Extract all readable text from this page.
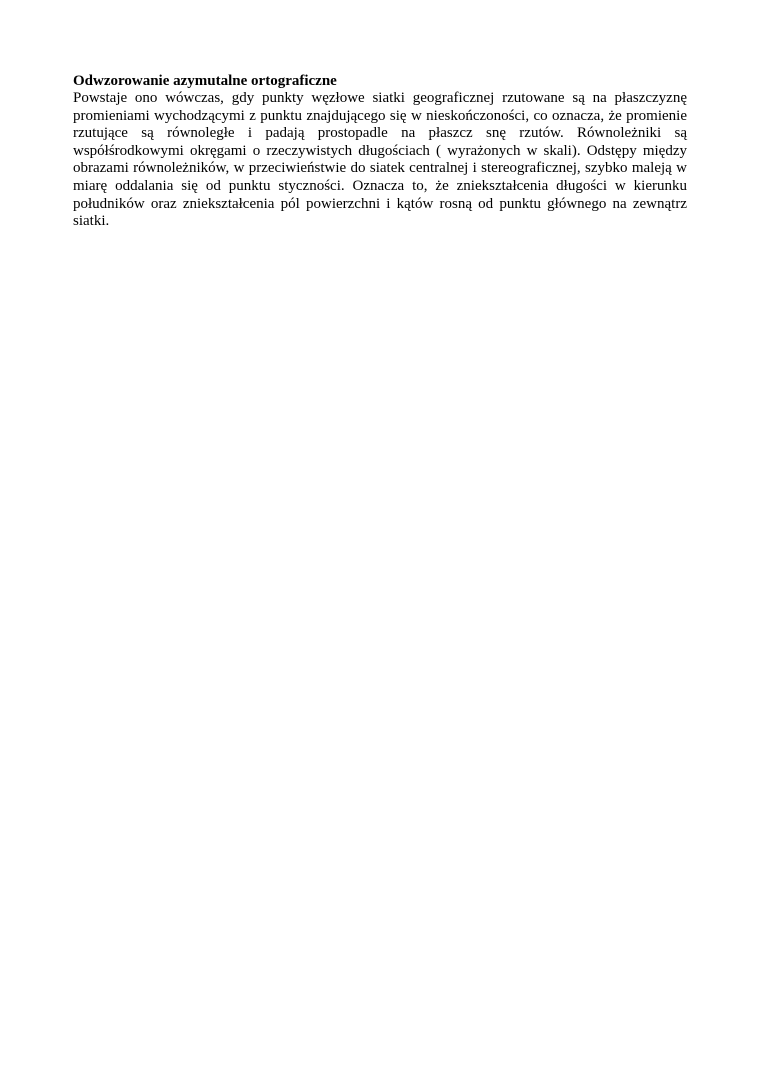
Odwzorowanie azymutalne ortograficzne

Powstaje ono wówczas, gdy punkty węzłowe siatki geograficznej rzutowane są na płaszczyznę promieniami wychodzącymi z punktu znajdującego się w nieskończoności, co oznacza, że promienie rzutujące są równoległe i padają prostopadle na płaszcz snę rzutów. Równoleżniki są współśrodkowymi okręgami o rzeczywistych długościach ( wyrażonych w skali). Odstępy między obrazami równoleżników, w przeciwieństwie do siatek centralnej i stereograficznej, szybko maleją w miarę oddalania się od punktu styczności. Oznacza to, że zniekształcenia długości w kierunku południków oraz zniekształcenia pól powierzchni i kątów rosną od punktu głównego na zewnątrz siatki.
